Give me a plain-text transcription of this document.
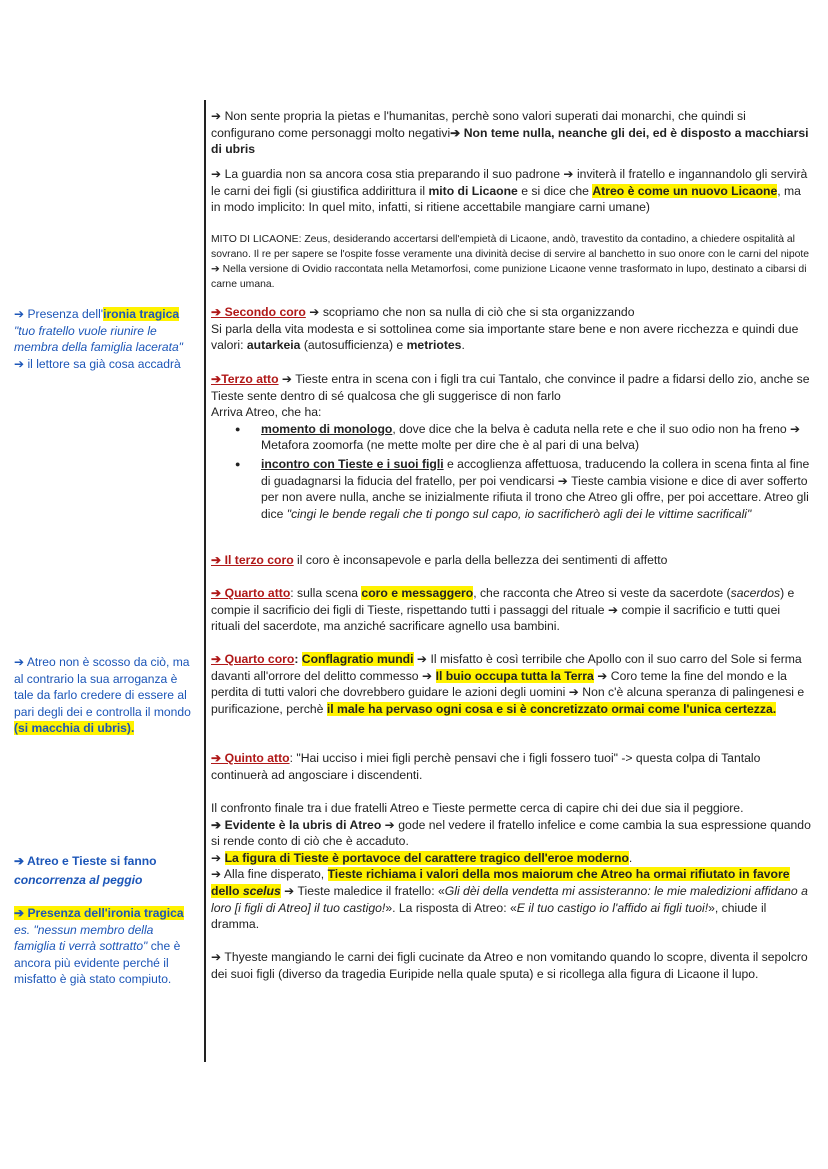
➔ Presenza dell'ironia tragica
"tuo fratello vuole riunire le membra della famiglia lacerata"
➔ il lettore sa già cosa accadrà
➔ Atreo non è scosso da ciò, ma al contrario la sua arroganza è tale da farlo credere di essere al pari degli dei e controlla il mondo (si macchia di ubris).
➔ Atreo e Tieste si fanno
concorrenza al peggio
➔ Presenza dell'ironia tragica
es. "nessun membro della famiglia ti verrà sottratto" che è ancora più evidente perché il misfatto è già stato compiuto.

➔ Non sente propria la pietas e l'humanitas, perchè sono valori superati dai monarchi, che quindi si configurano come personaggi molto negativi➔ Non teme nulla, neanche gli dei, ed è disposto a macchiarsi di ubris

➔ La guardia non sa ancora cosa stia preparando il suo padrone ➔ inviterà il fratello e ingannandolo gli servirà le carni dei figli (si giustifica addirittura il mito di Licaone e si dice che Atreo è come un nuovo Licaone, ma in modo implicito: In quel mito, infatti, si ritiene accettabile mangiare carni umane)

MITO DI LICAONE: Zeus, desiderando accertarsi dell'empietà di Licaone, andò, travestito da contadino, a chiedere ospitalità al sovrano. Il re per sapere se l'ospite fosse veramente una divinità decise di servire al banchetto in suo onore con le carni del nipote ➔ Nella versione di Ovidio raccontata nella Metamorfosi, come punizione Licaone venne trasformato in lupo, destinato a cibarsi di carne umana.

➔ Secondo coro ➔ scopriamo che non sa nulla di ciò che si sta organizzando

Si parla della vita modesta e si sottolinea come sia importante stare bene e non avere ricchezza e quindi due valori: autarkeia (autosufficienza) e metriotes.

➔Terzo atto ➔ Tieste entra in scena con i figli tra cui Tantalo, che convince il padre a fidarsi dello zio, anche se Tieste sente dentro di sé qualcosa che gli suggerisce di non farlo

Arriva Atreo, che ha:

● momento di monologo, dove dice che la belva è caduta nella rete e che il suo odio non ha freno ➔ Metafora zoomorfa (ne mette molte per dire che è al pari di una belva)
● incontro con Tieste e i suoi figli e accoglienza affettuosa, traducendo la collera in scena finta al fine di guadagnarsi la fiducia del fratello, per poi vendicarsi ➔ Tieste cambia visione e dice di aver sofferto per non avere nulla, anche se inizialmente rifiuta il trono che Atreo gli offre, per poi accettare. Atreo gli dice "cingi le bende regali che ti pongo sul capo, io sacrificherò agli dei le vittime sacrificali"

➔ Il terzo coro il coro è inconsapevole e parla della bellezza dei sentimenti di affetto

➔ Quarto atto: sulla scena coro e messaggero, che racconta che Atreo si veste da sacerdote (sacerdos) e compie il sacrificio dei figli di Tieste, rispettando tutti i passaggi del rituale ➔ compie il sacrificio e tutti quei rituali del sacerdote, ma anziché sacrificare agnello usa bambini.

➔ Quarto coro: Conflagratio mundi ➔ Il misfatto è così terribile che Apollo con il suo carro del Sole si ferma davanti all'orrore del delitto commesso ➔ Il buio occupa tutta la Terra ➔ Coro teme la fine del mondo e la perdita di tutti valori che dovrebbero guidare le azioni degli uomini ➔ Non c'è alcuna speranza di palingenesi e purificazione, perchè il male ha pervaso ogni cosa e si è concretizzato ormai come l'unica certezza.

➔ Quinto atto: "Hai ucciso i miei figli perchè pensavi che i figli fossero tuoi" -> questa colpa di Tantalo continuerà ad angosciare i discendenti.

Il confronto finale tra i due fratelli Atreo e Tieste permette cerca di capire chi dei due sia il peggiore.

➔ Evidente è la ubris di Atreo ➔ gode nel vedere il fratello infelice e come cambia la sua espressione quando si rende conto di ciò che è accaduto.

➔ La figura di Tieste è portavoce del carattere tragico dell'eroe moderno.

➔ Alla fine disperato, Tieste richiama i valori della mos maiorum che Atreo ha ormai rifiutato in favore dello scelus ➔ Tieste maledice il fratello: «Gli dèi della vendetta mi assisteranno: le mie maledizioni affidano a loro [i figli di Atreo] il tuo castigo!». La risposta di Atreo: «E il tuo castigo io l'affido ai figli tuoi!», chiude il dramma.

➔ Thyeste mangiando le carni dei figli cucinate da Atreo e non vomitando quando lo scopre, diventa il sepolcro dei suoi figli (diverso da tragedia Euripide nella quale sputa) e si ricollega alla figura di Licaone il lupo.
